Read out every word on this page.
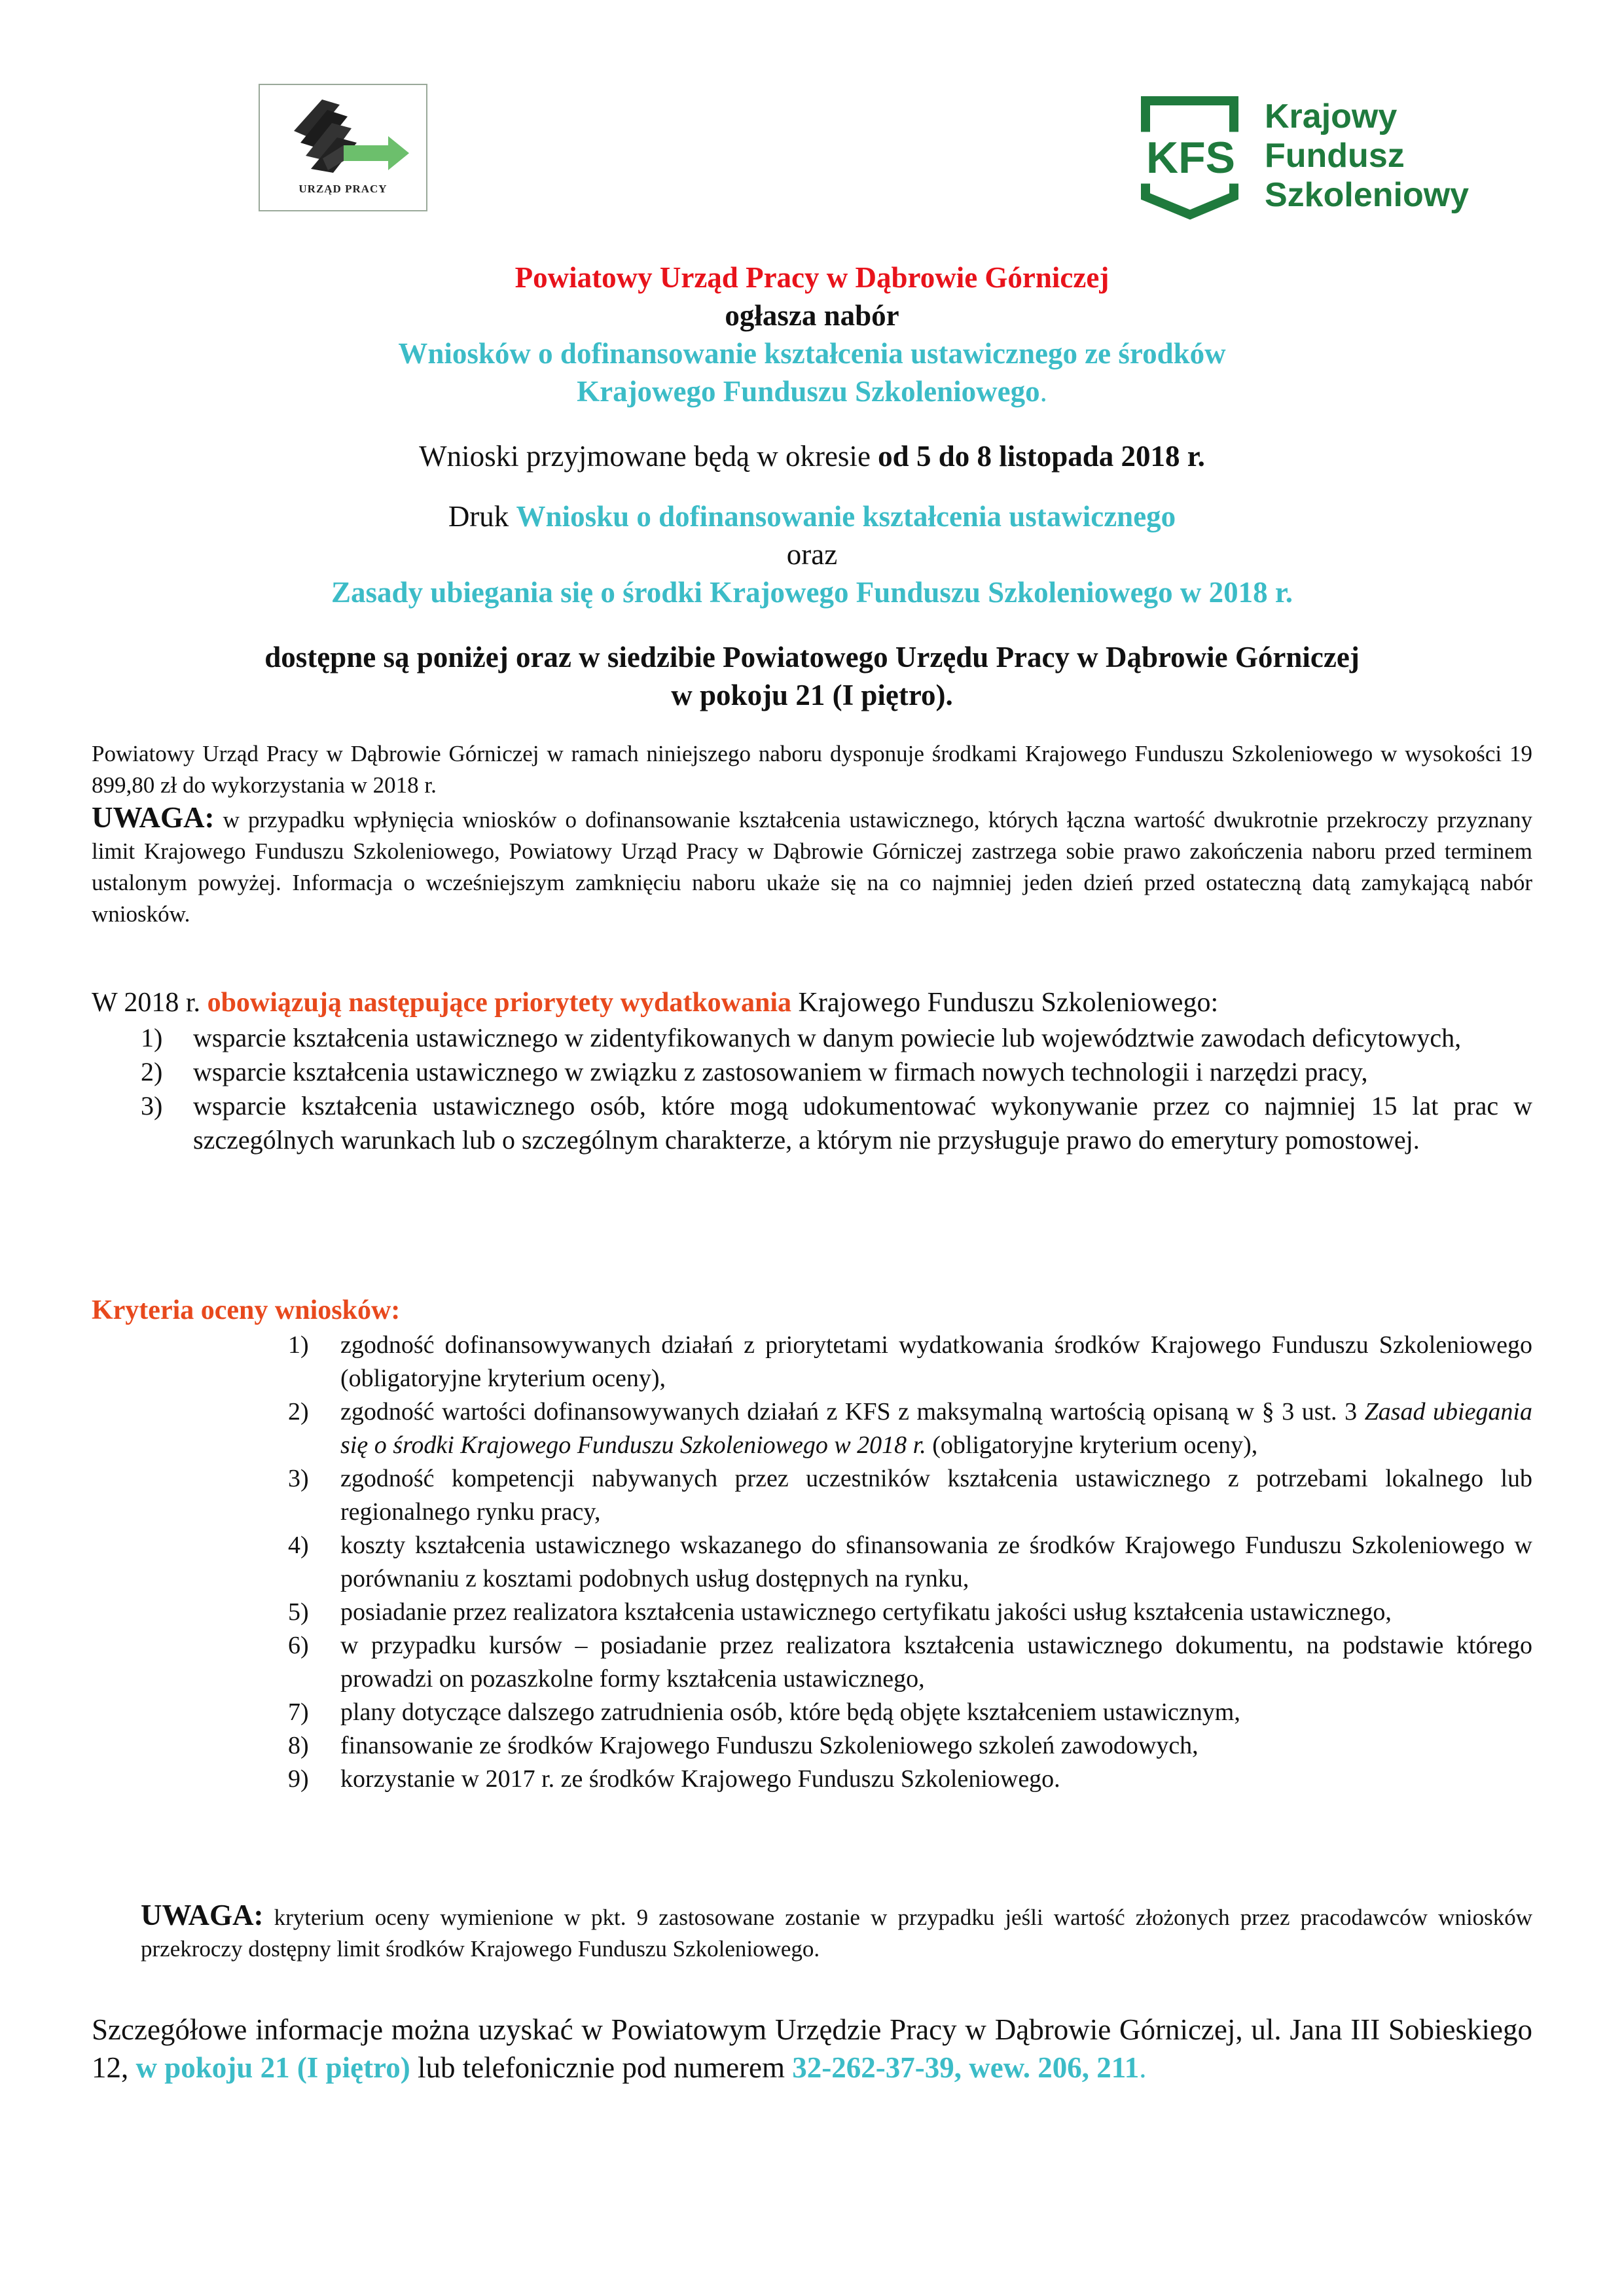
URZĄD PRACY
KFS
Krajowy
Fundusz
Szkoleniowy
Powiatowy Urząd Pracy w Dąbrowie Górniczej
ogłasza nabór
Wniosków o dofinansowanie kształcenia ustawicznego ze środków
Krajowego Funduszu Szkoleniowego.
Wnioski przyjmowane będą w okresie od 5 do 8 listopada 2018 r.
Druk Wniosku o dofinansowanie kształcenia ustawicznego
oraz
Zasady ubiegania się o środki Krajowego Funduszu Szkoleniowego w 2018 r.
dostępne są poniżej oraz w siedzibie Powiatowego Urzędu Pracy w Dąbrowie Górniczej
w pokoju 21 (I piętro).
Powiatowy Urząd Pracy w Dąbrowie Górniczej w ramach niniejszego naboru dysponuje środkami Krajowego Funduszu Szkoleniowego w wysokości 19 899,80 zł do wykorzystania w 2018 r.
UWAGA: w przypadku wpłynięcia wniosków o dofinansowanie kształcenia ustawicznego, których łączna wartość dwukrotnie przekroczy przyznany limit Krajowego Funduszu Szkoleniowego, Powiatowy Urząd Pracy w Dąbrowie Górniczej zastrzega sobie prawo zakończenia naboru przed terminem ustalonym powyżej. Informacja o wcześniejszym zamknięciu naboru ukaże się na co najmniej jeden dzień przed ostateczną datą zamykającą nabór wniosków.
W 2018 r. obowiązują następujące priorytety wydatkowania Krajowego Funduszu Szkoleniowego:
1) wsparcie kształcenia ustawicznego w zidentyfikowanych w danym powiecie lub województwie zawodach deficytowych,
2) wsparcie kształcenia ustawicznego w związku z zastosowaniem w firmach nowych technologii i narzędzi pracy,
3) wsparcie kształcenia ustawicznego osób, które mogą udokumentować wykonywanie przez co najmniej 15 lat prac w szczególnych warunkach lub o szczególnym charakterze, a którym nie przysługuje prawo do emerytury pomostowej.
Kryteria oceny wniosków:
1) zgodność dofinansowywanych działań z priorytetami wydatkowania środków Krajowego Funduszu Szkoleniowego (obligatoryjne kryterium oceny),
2) zgodność wartości dofinansowywanych działań z KFS z maksymalną wartością opisaną w § 3 ust. 3 Zasad ubiegania się o środki Krajowego Funduszu Szkoleniowego w 2018 r. (obligatoryjne kryterium oceny),
3) zgodność kompetencji nabywanych przez uczestników kształcenia ustawicznego z potrzebami lokalnego lub regionalnego rynku pracy,
4) koszty kształcenia ustawicznego wskazanego do sfinansowania ze środków Krajowego Funduszu Szkoleniowego w porównaniu z kosztami podobnych usług dostępnych na rynku,
5) posiadanie przez realizatora kształcenia ustawicznego certyfikatu jakości usług kształcenia ustawicznego,
6) w przypadku kursów – posiadanie przez realizatora kształcenia ustawicznego dokumentu, na podstawie którego prowadzi on pozaszkolne formy kształcenia ustawicznego,
7) plany dotyczące dalszego zatrudnienia osób, które będą objęte kształceniem ustawicznym,
8) finansowanie ze środków Krajowego Funduszu Szkoleniowego szkoleń zawodowych,
9) korzystanie w 2017 r. ze środków Krajowego Funduszu Szkoleniowego.
UWAGA: kryterium oceny wymienione w pkt. 9 zastosowane zostanie w przypadku jeśli wartość złożonych przez pracodawców wniosków przekroczy dostępny limit środków Krajowego Funduszu Szkoleniowego.
Szczegółowe informacje można uzyskać w Powiatowym Urzędzie Pracy w Dąbrowie Górniczej, ul. Jana III Sobieskiego 12, w pokoju 21 (I piętro) lub telefonicznie pod numerem 32-262-37-39, wew. 206, 211.
